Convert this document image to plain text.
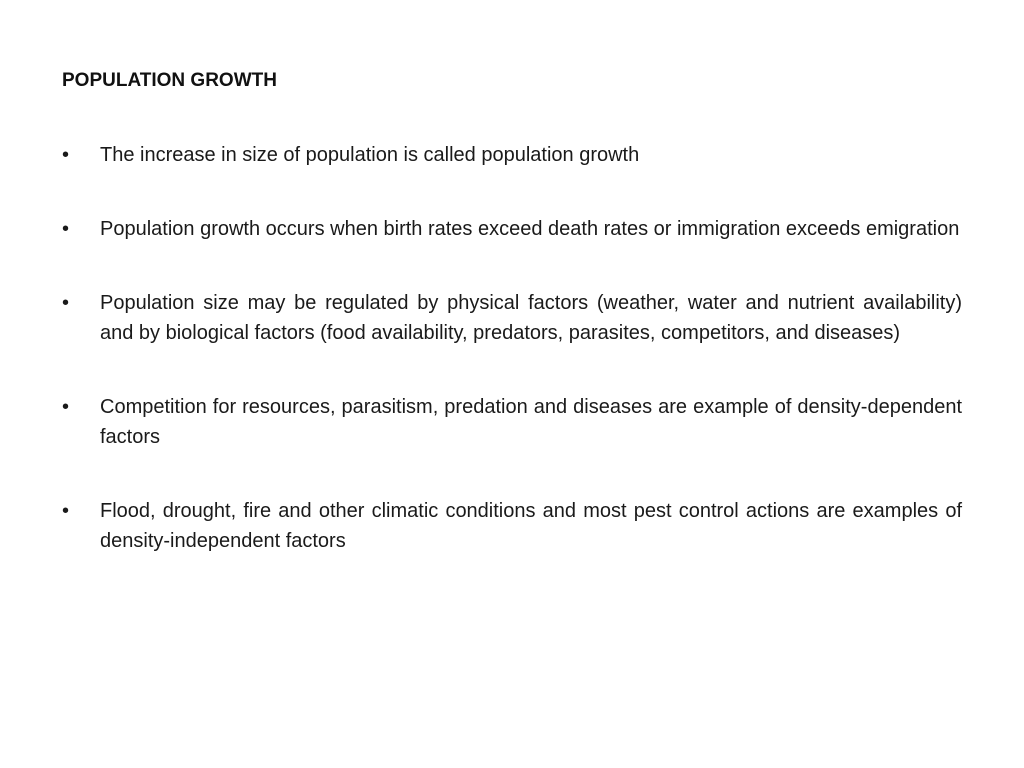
POPULATION GROWTH
•	The increase in size of population is called population growth
•	Population growth occurs when birth rates exceed death rates or immigration exceeds emigration
•	Population size may be regulated by physical factors (weather, water and nutrient availability) and by biological factors (food availability, predators, parasites, competitors, and diseases)
•	Competition for resources, parasitism, predation and diseases are example of density-dependent factors
•	Flood, drought, fire and other climatic conditions and most pest control actions are examples of density-independent factors
